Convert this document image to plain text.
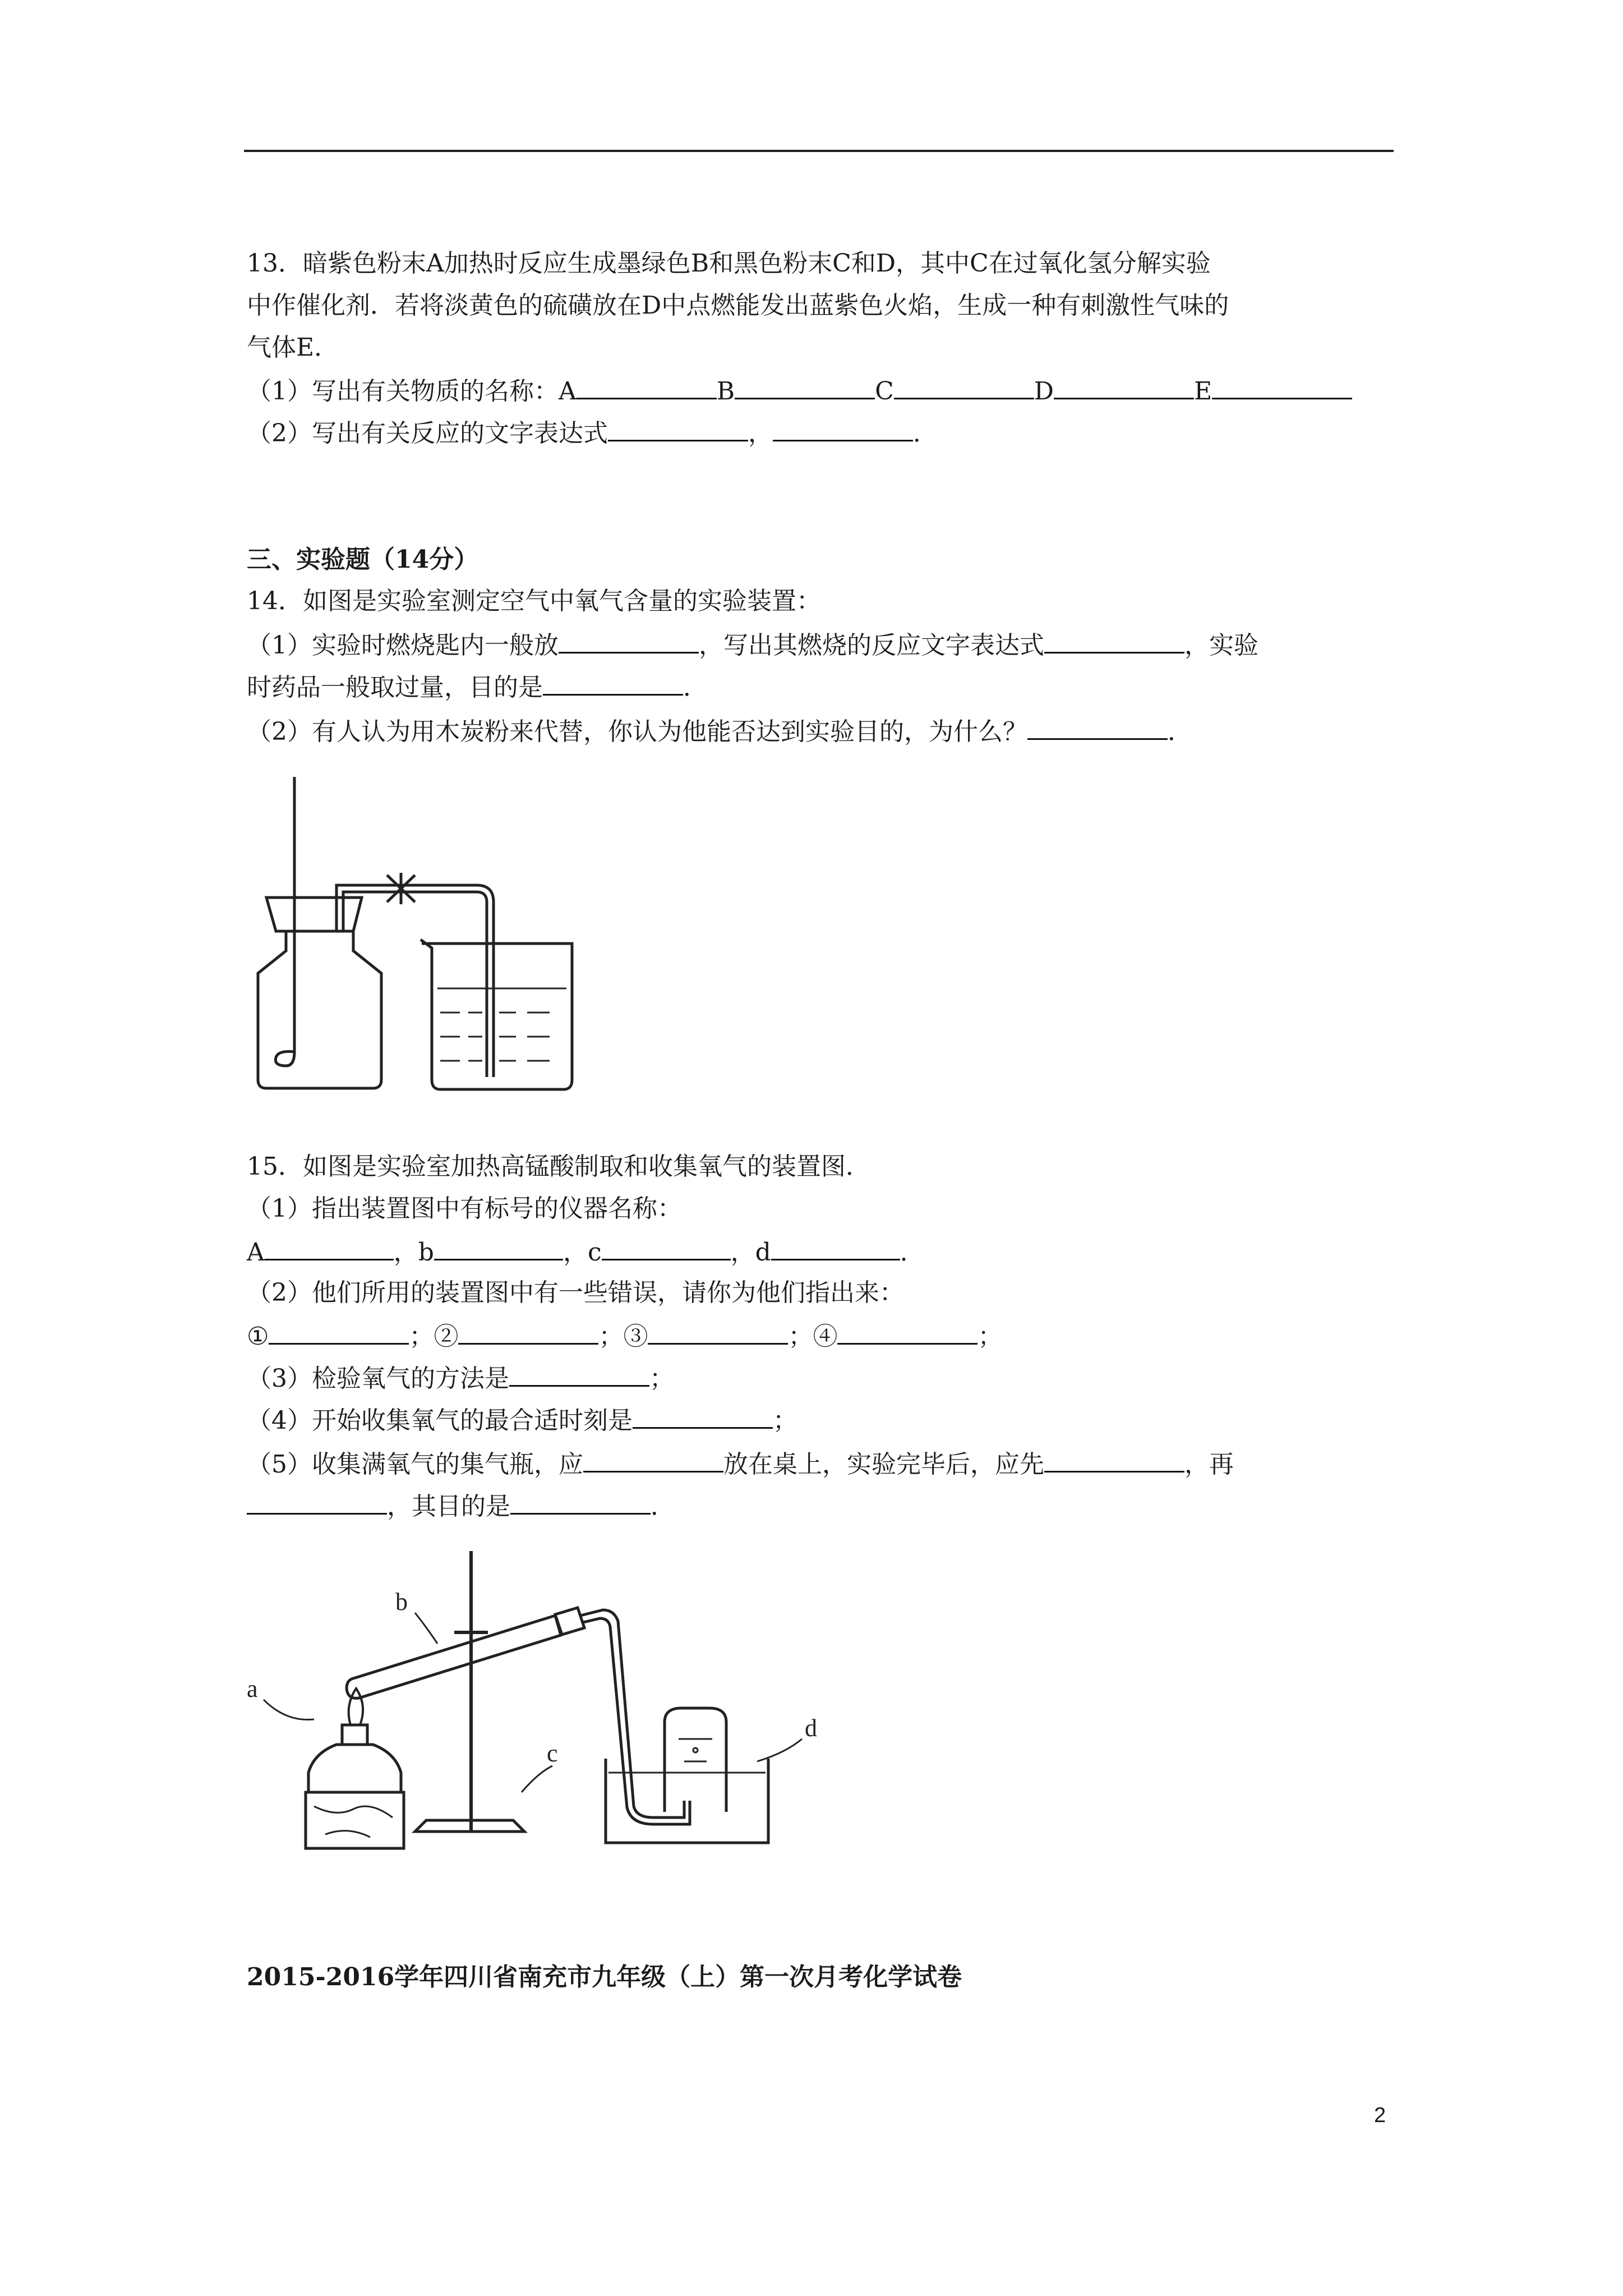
13．暗紫色粉末A加热时反应生成墨绿色B和黑色粉末C和D，其中C在过氧化氢分解实验
中作催化剂．若将淡黄色的硫磺放在D中点燃能发出蓝紫色火焰，生成一种有刺激性气味的
气体E．
（1）写出有关物质的名称：A	B	C	D	E
（2）写出有关反应的文字表达式	，	．
三、实验题（14分）
14．如图是实验室测定空气中氧气含量的实验装置：
（1）实验时燃烧匙内一般放	，写出其燃烧的反应文字表达式	，实验
时药品一般取过量，目的是	．
（2）有人认为用木炭粉来代替，你认为他能否达到实验目的，为什么？	．
15．如图是实验室加热高锰酸制取和收集氧气的装置图．
（1）指出装置图中有标号的仪器名称：
A	，b	，c	，d	．
（2）他们所用的装置图中有一些错误，请你为他们指出来：
①	；②	；③	；④	；
（3）检验氧气的方法是	；
（4）开始收集氧气的最合适时刻是	；
（5）收集满氧气的集气瓶，应	放在桌上，实验完毕后，应先	，再
，其目的是	．
a
b
c
d
2015-2016学年四川省南充市九年级（上）第一次月考化学试卷
2
